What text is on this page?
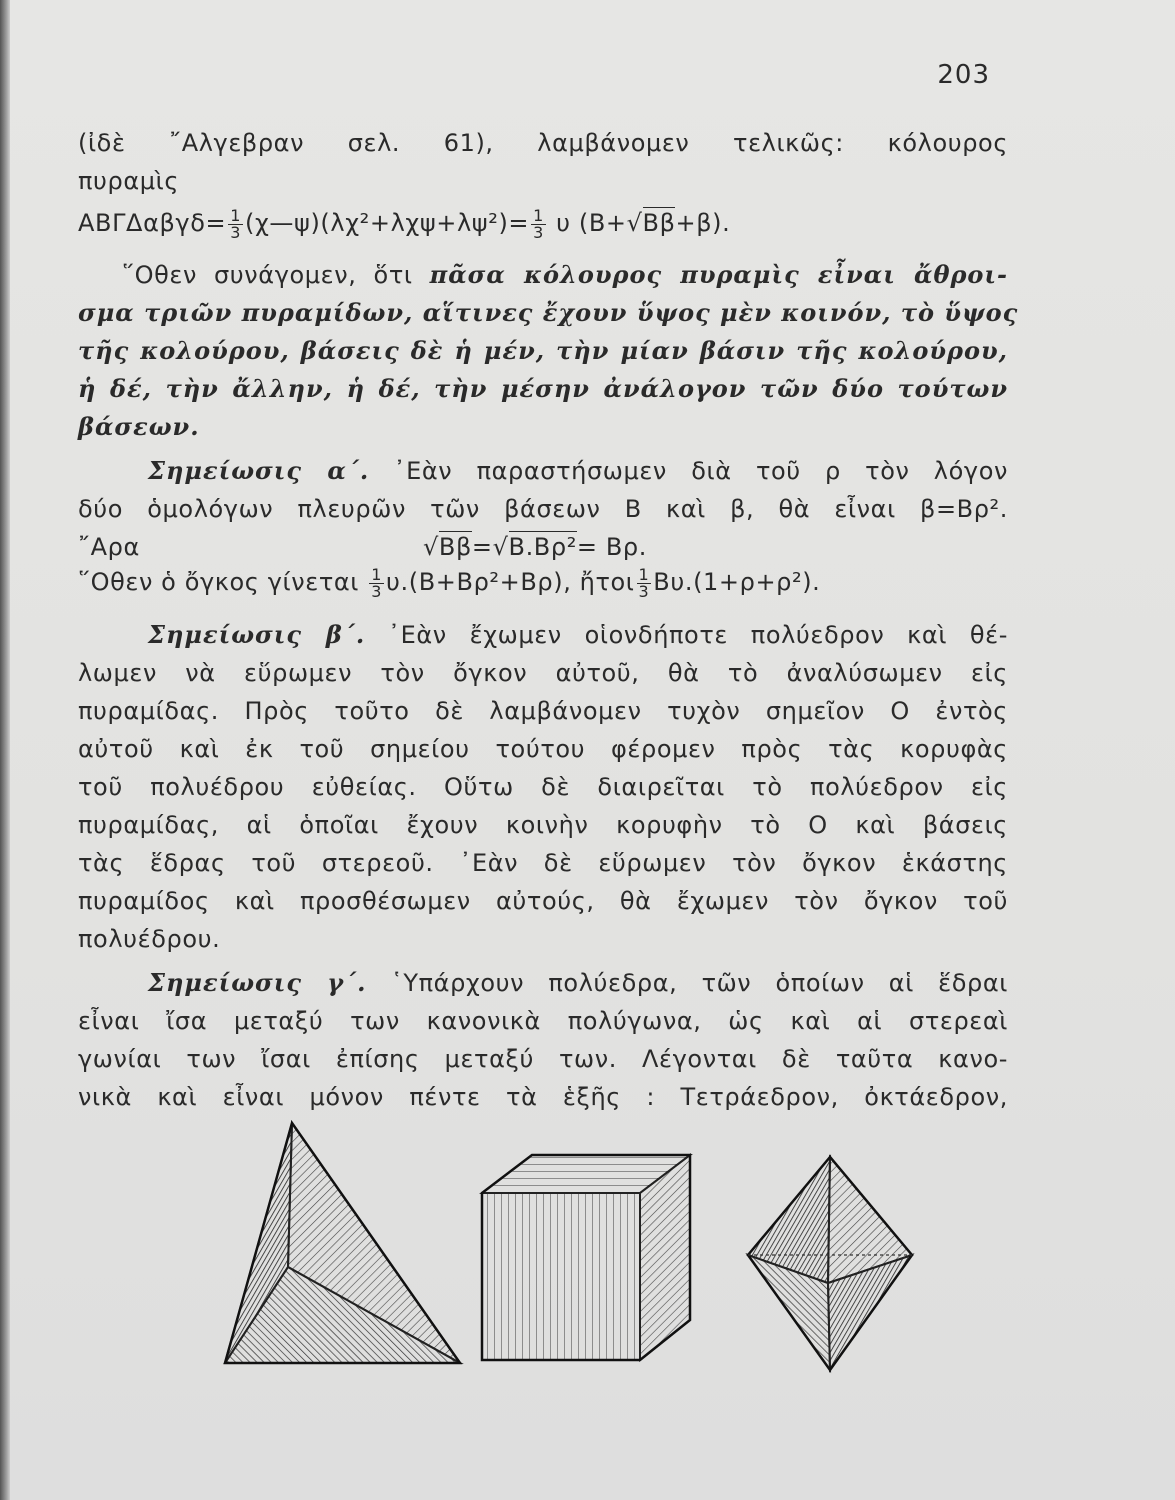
203
(ἰδὲ ῎Αλγεβραν σελ. 61), λαμβάνομεν τελικῶς: κόλουρος
πυραμὶς
$AB\Gamma\Delta\alpha\beta\gamma\delta= \frac{1}{3}$ (χ—ψ)(λχ²+λχψ+λψ²)= $\frac{1}{3}$ υ (Β+√Ββ+β).
῞Οθεν συνάγομεν, ὅτι πᾶσα κόλουρος πυραμὶς εἶναι ἄθροι-
σμα τριῶν πυραμίδων, αἵτινες ἔχουν ὕψος μὲν κοινόν, τὸ ὕψος
τῆς κολούρου, βάσεις δὲ ἡ μέν, τὴν μίαν βάσιν τῆς κολούρου,
ἡ δέ, τὴν ἄλλην, ἡ δέ, τὴν μέσην ἀνάλογον τῶν δύο τούτων
βάσεων.
Σημείωσις α΄. ᾿Εὰν παραστήσωμεν διὰ τοῦ ρ τὸν λόγον
δύο ὁμολόγων πλευρῶν τῶν βάσεων Β καὶ β, θὰ εἶναι β=Βρ².
῎Αρα	√Ββ=√Β.Βρ²= Βρ.
῞Οθεν ὁ ὄγκος γίνεται $\frac{1}{3} \upsilon.(B+B\rho^2+B\rho)$, ἤτοι $\frac{1}{3} B\upsilon.(1+\rho+\rho^2)$.
Σημείωσις β΄. ᾿Εὰν ἔχωμεν οἱονδήποτε πολύεδρον καὶ θέ-
λωμεν νὰ εὕρωμεν τὸν ὄγκον αὐτοῦ, θὰ τὸ ἀναλύσωμεν εἰς
πυραμίδας. Πρὸς τοῦτο δὲ λαμβάνομεν τυχὸν σημεῖον Ο ἐντὸς
αὐτοῦ καὶ ἐκ τοῦ σημείου τούτου φέρομεν πρὸς τὰς κορυφὰς
τοῦ πολυέδρου εὐθείας. Οὕτω δὲ διαιρεῖται τὸ πολύεδρον εἰς
πυραμίδας, αἱ ὁποῖαι ἔχουν κοινὴν κορυφὴν τὸ Ο καὶ βάσεις
τὰς ἕδρας τοῦ στερεοῦ. ᾿Εὰν δὲ εὕρωμεν τὸν ὄγκον ἑκάστης
πυραμίδος καὶ προσθέσωμεν αὐτούς, θὰ ἔχωμεν τὸν ὄγκον τοῦ
πολυέδρου.
Σημείωσις γ΄. ῾Υπάρχουν πολύεδρα, τῶν ὁποίων αἱ ἕδραι
εἶναι ἴσα μεταξύ των κανονικὰ πολύγωνα, ὡς καὶ αἱ στερεαὶ
γωνίαι των ἴσαι ἐπίσης μεταξύ των. Λέγονται δὲ ταῦτα κανο-
νικὰ καὶ εἶναι μόνον πέντε τὰ ἑξῆς : Τετράεδρον, ὀκτάεδρον,
